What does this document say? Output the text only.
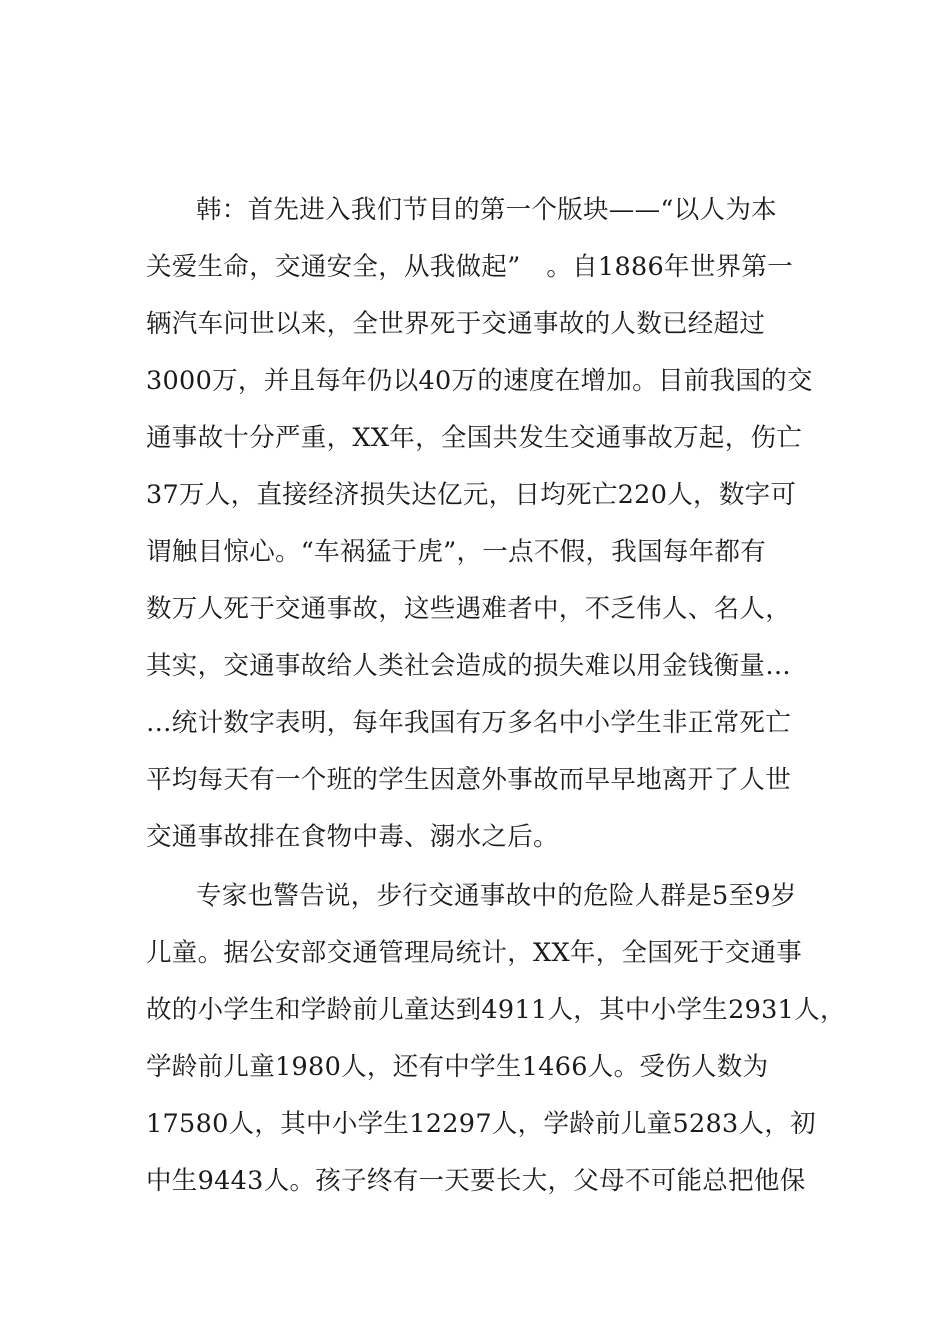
韩：首先进入我们节目的第一个版块——“以人为本
关爱生命，交通安全，从我做起”　。自1886年世界第一
辆汽车问世以来，全世界死于交通事故的人数已经超过
3000万，并且每年仍以40万的速度在增加。目前我国的交
通事故十分严重，XX年，全国共发生交通事故万起，伤亡
37万人，直接经济损失达亿元，日均死亡220人，数字可
谓触目惊心。“车祸猛于虎”，一点不假，我国每年都有
数万人死于交通事故，这些遇难者中，不乏伟人、名人，
其实，交通事故给人类社会造成的损失难以用金钱衡量…
…统计数字表明，每年我国有万多名中小学生非正常死亡
平均每天有一个班的学生因意外事故而早早地离开了人世
交通事故排在食物中毒、溺水之后。
专家也警告说，步行交通事故中的危险人群是5至9岁
儿童。据公安部交通管理局统计，XX年，全国死于交通事
故的小学生和学龄前儿童达到4911人，其中小学生2931人，
学龄前儿童1980人，还有中学生1466人。受伤人数为
17580人，其中小学生12297人，学龄前儿童5283人，初
中生9443人。孩子终有一天要长大，父母不可能总把他保
